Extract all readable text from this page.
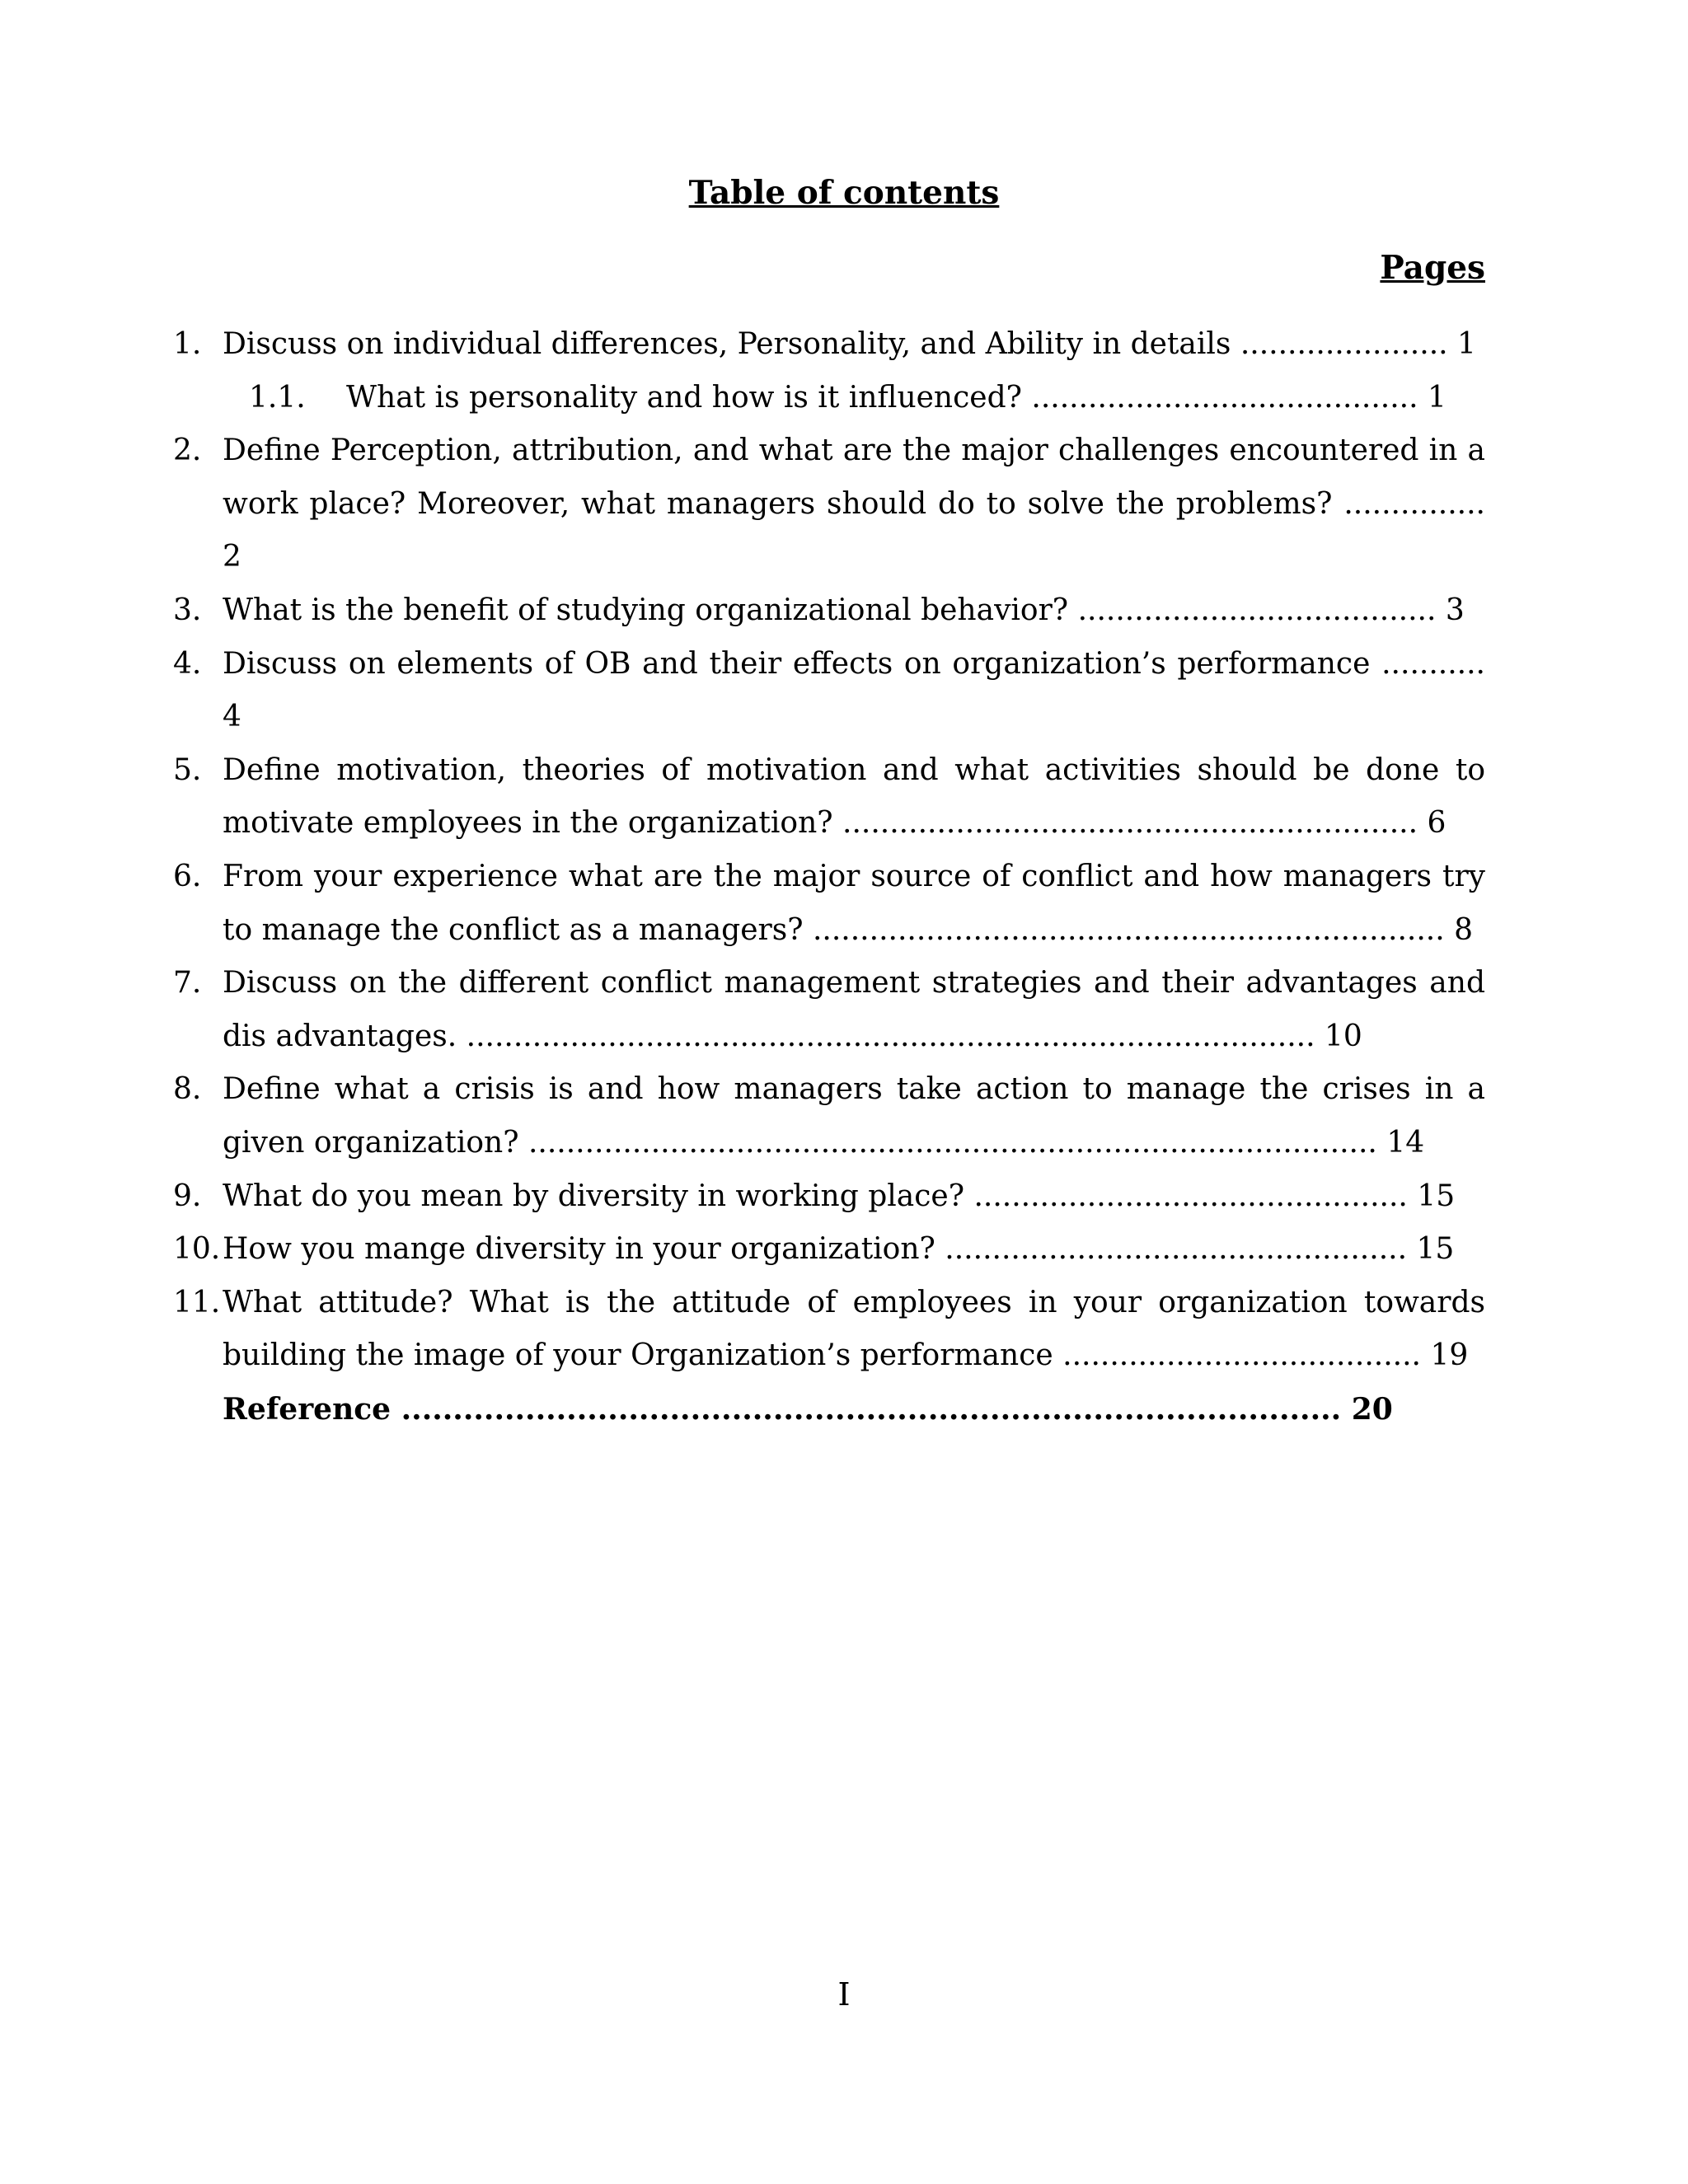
Table of contents
Pages
1. Discuss on individual differences, Personality, and Ability in details ...................... 1
1.1. What is personality and how is it influenced? ......................................... 1
2. Define Perception, attribution, and what are the major challenges encountered in a work place? Moreover, what managers should do to solve the problems? ............... 2
3. What is the benefit of studying organizational behavior? ...................................... 3
4. Discuss on elements of OB and their effects on organization’s performance ........... 4
5. Define motivation, theories of motivation and what activities should be done to motivate employees in the organization? ............................................................. 6
6. From your experience what are the major source of conflict and how managers try to manage the conflict as a managers? ................................................................... 8
7. Discuss on the different conflict management strategies and their advantages and dis advantages. .......................................................................................... 10
8. Define what a crisis is and how managers take action to manage the crises in a given organization? .......................................................................................... 14
9. What do you mean by diversity in working place? .............................................. 15
10. How you mange diversity in your organization? ................................................. 15
11. What attitude? What is the attitude of employees in your organization towards building the image of your Organization’s performance ...................................... 19
Reference ........................................................................................... 20
I
